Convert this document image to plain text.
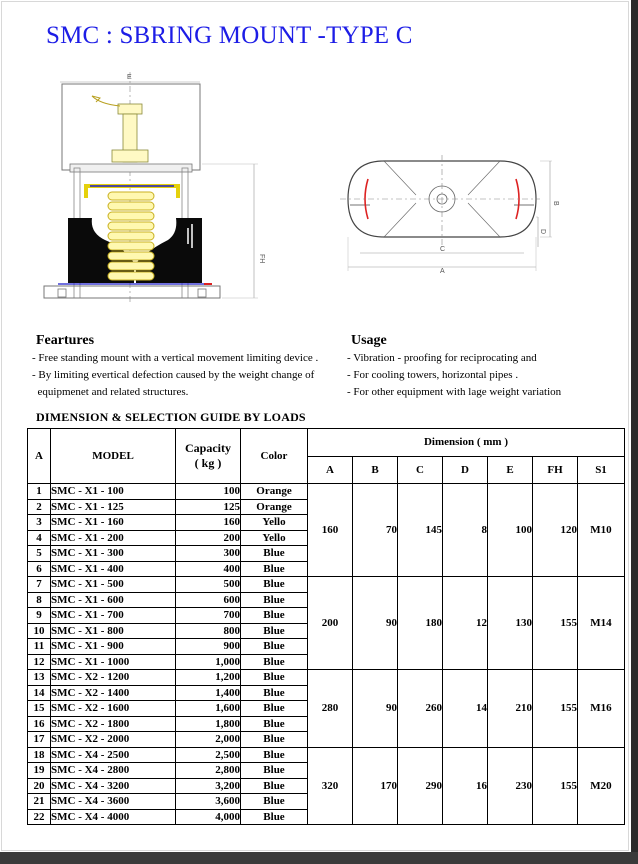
SMC : SBRING MOUNT -TYPE C
E
FH
C
A
B
D
Feartures
- Free standing mount with a vertical movement limiting device .
- By limiting evertical defection caused by the weight change of
equipmenet and related structures.
Usage
- Vibration - proofing for reciprocating and
- For cooling towers, horizontal pipes .
- For other equipment with lage weight variation
DIMENSION & SELECTION GUIDE BY LOADS
A	MODEL	Capacity
( kg )	Color	Dimension ( mm )						
				A	B	C	D	E	FH	S1
1	SMC - X1 - 100	100	Orange	160	70	145	8	100	120	M10
2	SMC - X1 - 125	125	Orange							
3	SMC - X1 - 160	160	Yello							
4	SMC - X1 - 200	200	Yello							
5	SMC - X1 - 300	300	Blue							
6	SMC - X1 - 400	400	Blue							
7	SMC - X1 - 500	500	Blue	200	90	180	12	130	155	M14
8	SMC - X1 - 600	600	Blue							
9	SMC - X1 - 700	700	Blue							
10	SMC - X1 - 800	800	Blue							
11	SMC - X1 - 900	900	Blue							
12	SMC - X1 - 1000	1,000	Blue							
13	SMC - X2 - 1200	1,200	Blue	280	90	260	14	210	155	M16
14	SMC - X2 - 1400	1,400	Blue							
15	SMC - X2 - 1600	1,600	Blue							
16	SMC - X2 - 1800	1,800	Blue							
17	SMC - X2 - 2000	2,000	Blue							
18	SMC - X4 - 2500	2,500	Blue	320	170	290	16	230	155	M20
19	SMC - X4 - 2800	2,800	Blue							
20	SMC - X4 - 3200	3,200	Blue							
21	SMC - X4 - 3600	3,600	Blue							
22	SMC - X4 - 4000	4,000	Blue							
